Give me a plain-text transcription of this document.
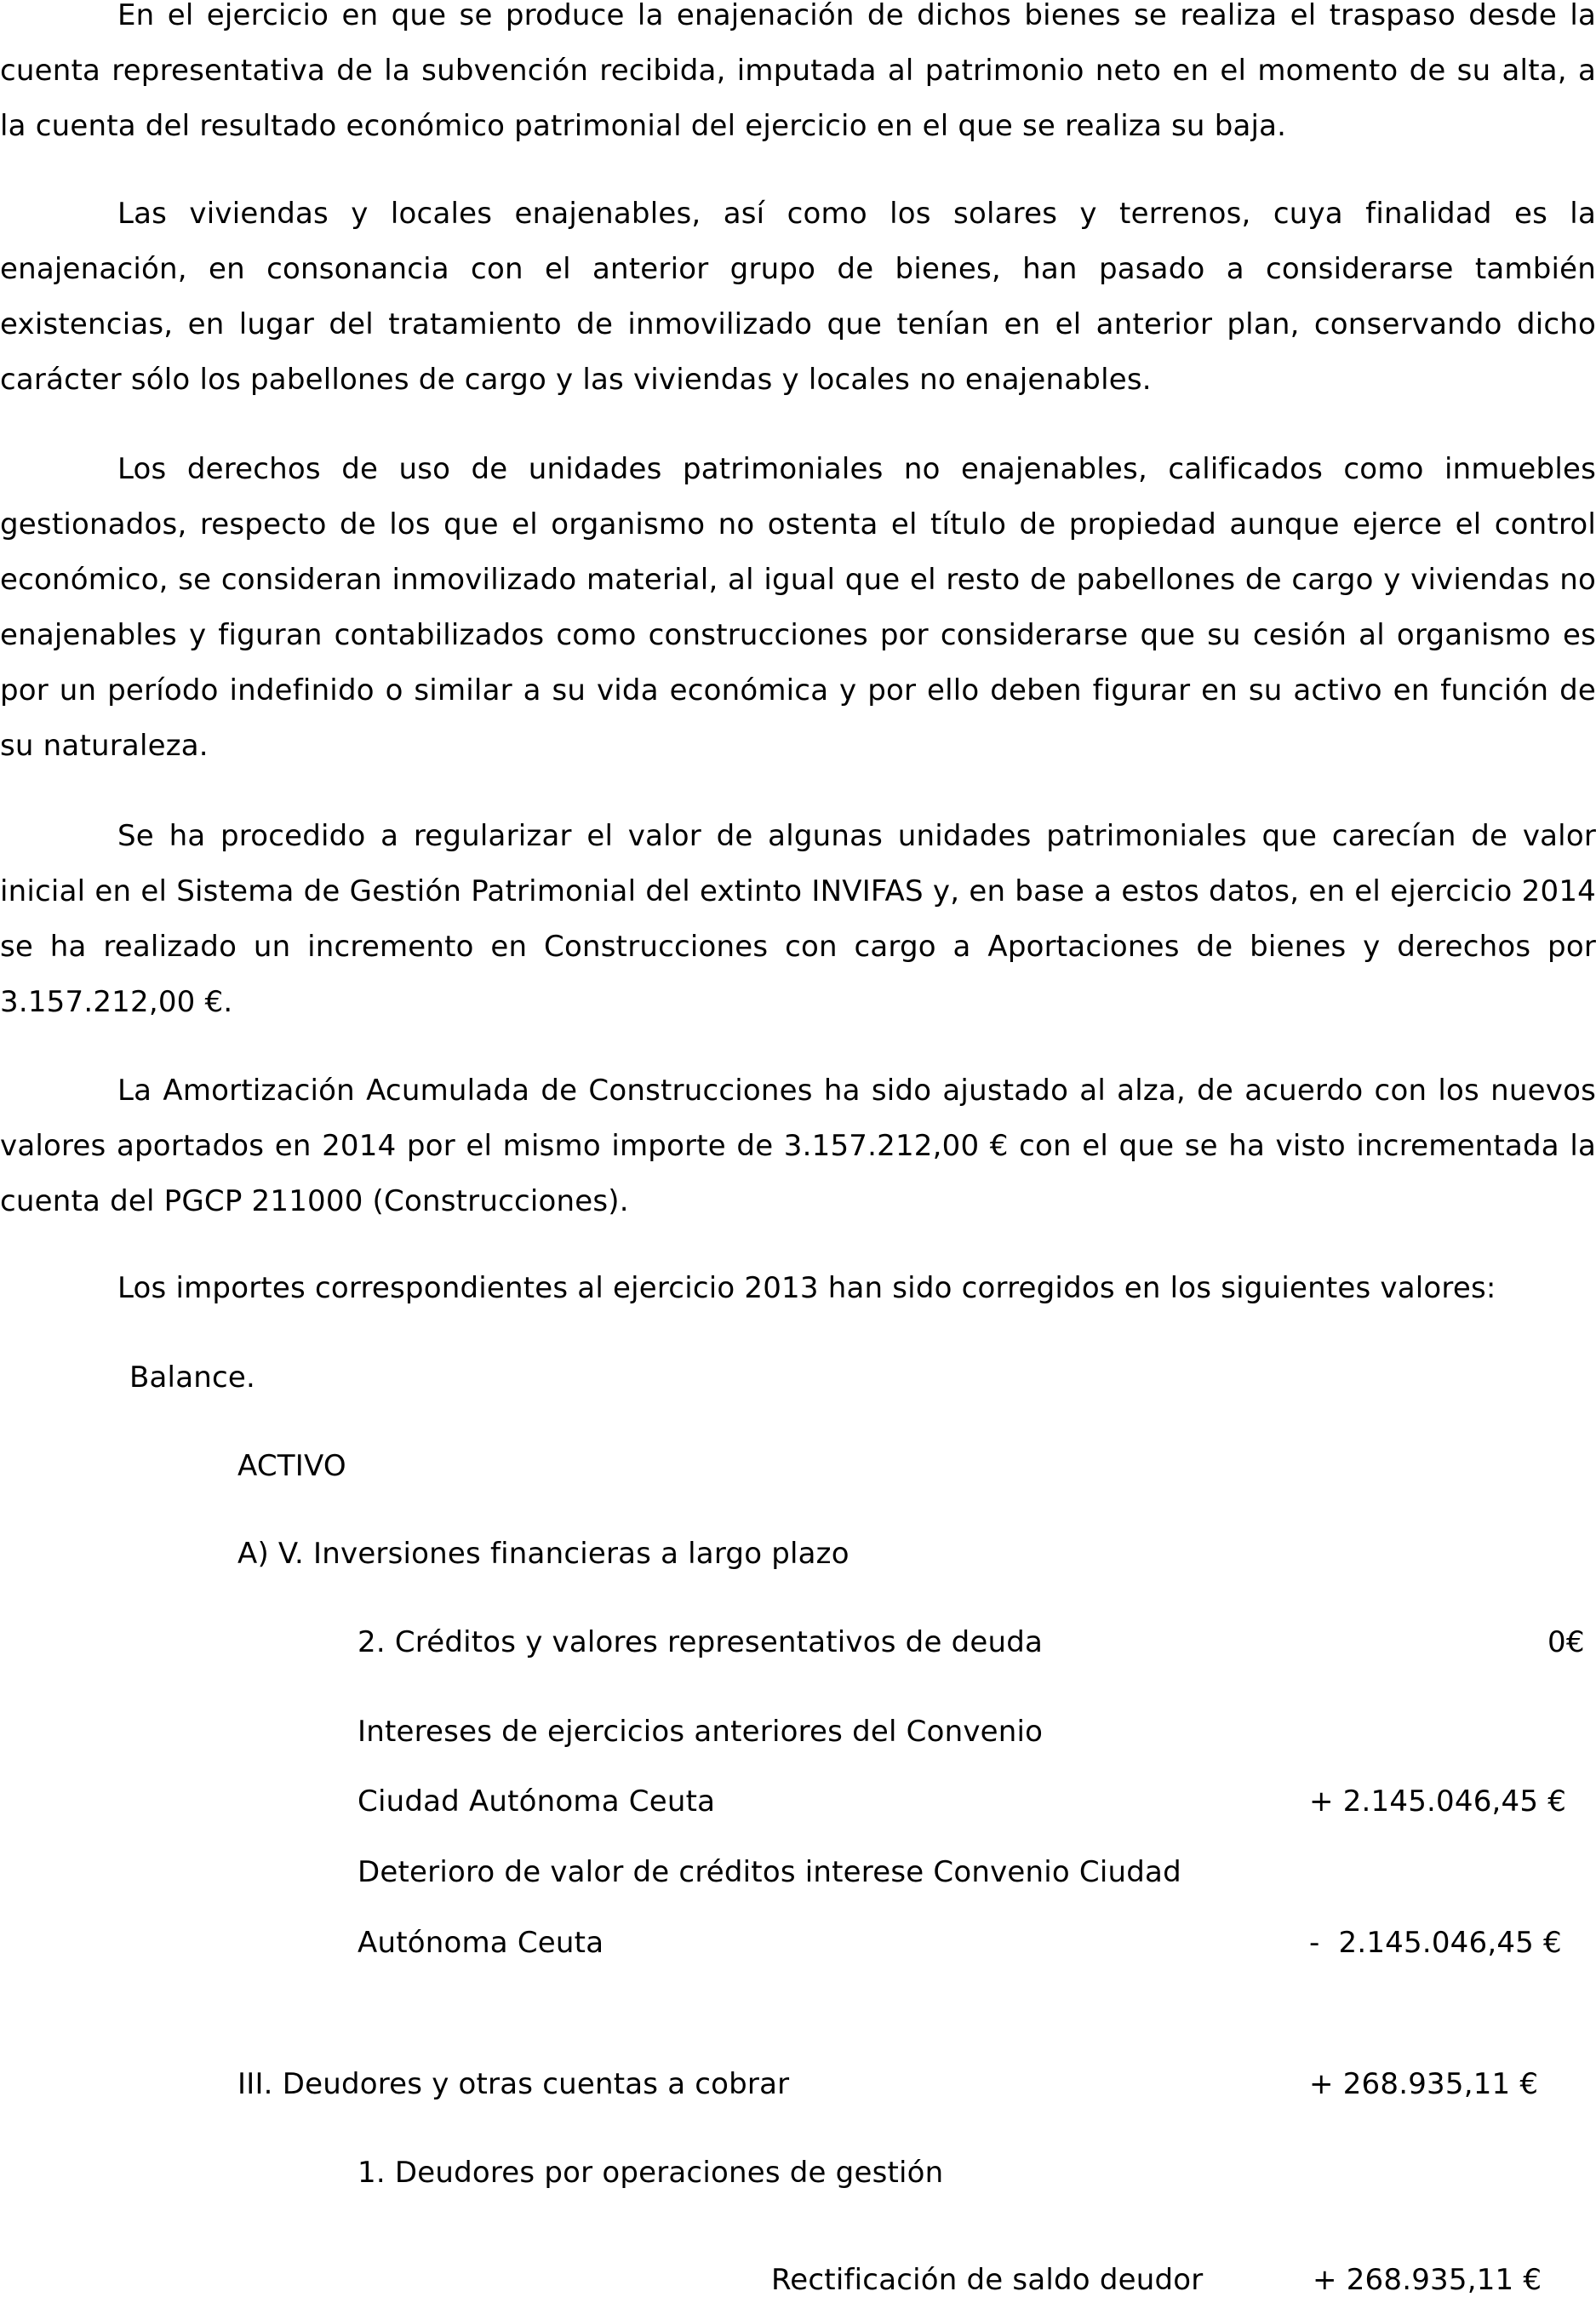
En el ejercicio en que se produce la enajenación de dichos bienes se realiza el traspaso desde la cuenta representativa de la subvención recibida, imputada al patrimonio neto en el momento de su alta, a la cuenta del resultado económico patrimonial del ejercicio en el que se realiza su baja.

Las viviendas y locales enajenables, así como los solares y terrenos, cuya finalidad es la enajenación, en consonancia con el anterior grupo de bienes, han pasado a considerarse también existencias, en lugar del tratamiento de inmovilizado que tenían en el anterior plan, conservando dicho carácter sólo los pabellones de cargo y las viviendas y locales no enajenables.

Los derechos de uso de unidades patrimoniales no enajenables, calificados como inmuebles gestionados, respecto de los que el organismo no ostenta el título de propiedad aunque ejerce el control económico, se consideran inmovilizado material, al igual que el resto de pabellones de cargo y viviendas no enajenables y figuran contabilizados como construcciones por considerarse que su cesión al organismo es por un período indefinido o similar a su vida económica y por ello deben figurar en su activo en función de su naturaleza.

Se ha procedido a regularizar el valor de algunas unidades patrimoniales que carecían de valor inicial en el Sistema de Gestión Patrimonial del extinto INVIFAS y, en base a estos datos, en el ejercicio 2014 se ha realizado un incremento en Construcciones con cargo a Aportaciones de bienes y derechos por 3.157.212,00 €.

La Amortización Acumulada de Construcciones ha sido ajustado al alza, de acuerdo con los nuevos valores aportados en 2014 por el mismo importe de 3.157.212,00 € con el que se ha visto incrementada la cuenta del PGCP 211000 (Construcciones).

Los importes correspondientes al ejercicio 2013 han sido corregidos en los siguientes valores:

Balance.
ACTIVO
A) V. Inversiones financieras a largo plazo
2. Créditos y valores representativos de deuda	0€
Intereses de ejercicios anteriores del Convenio
Ciudad Autónoma Ceuta	+ 2.145.046,45 €
Deterioro de valor de créditos interese Convenio Ciudad
Autónoma Ceuta	-  2.145.046,45 €
III. Deudores y otras cuentas a cobrar	+ 268.935,11 €
1. Deudores por operaciones de gestión
Rectificación de saldo deudor	+ 268.935,11 €
